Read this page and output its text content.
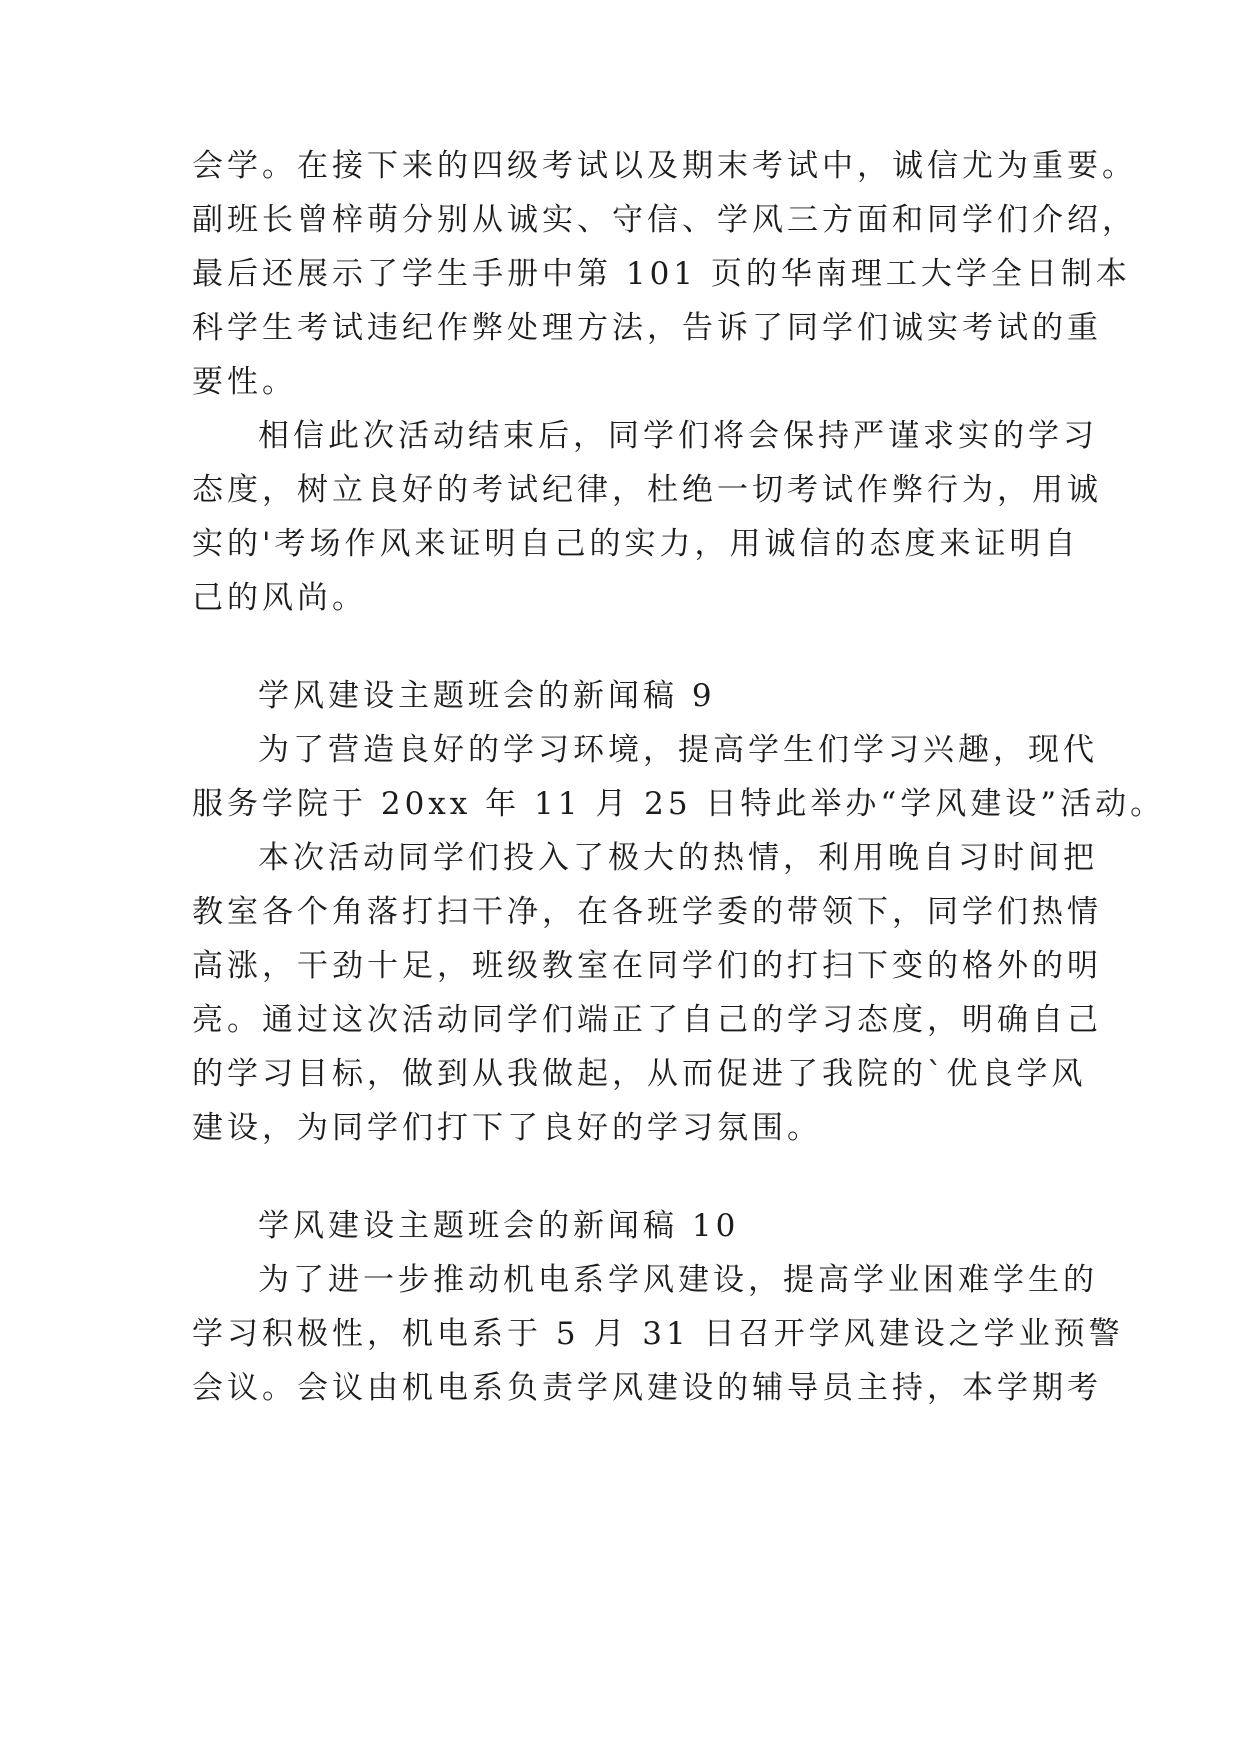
会学。在接下来的四级考试以及期末考试中，诚信尤为重要。
副班长曾梓萌分别从诚实、守信、学风三方面和同学们介绍，
最后还展示了学生手册中第 101 页的华南理工大学全日制本
科学生考试违纪作弊处理方法，告诉了同学们诚实考试的重
要性。
相信此次活动结束后，同学们将会保持严谨求实的学习
态度，树立良好的考试纪律，杜绝一切考试作弊行为，用诚
实的'考场作风来证明自己的实力，用诚信的态度来证明自
己的风尚。
学风建设主题班会的新闻稿 9
为了营造良好的学习环境，提高学生们学习兴趣，现代
服务学院于 20xx 年 11 月 25 日特此举办“学风建设”活动。
本次活动同学们投入了极大的热情，利用晚自习时间把
教室各个角落打扫干净，在各班学委的带领下，同学们热情
高涨，干劲十足，班级教室在同学们的打扫下变的格外的明
亮。通过这次活动同学们端正了自己的学习态度，明确自己
的学习目标，做到从我做起，从而促进了我院的`优良学风
建设，为同学们打下了良好的学习氛围。
学风建设主题班会的新闻稿 10
为了进一步推动机电系学风建设，提高学业困难学生的
学习积极性，机电系于 5 月 31 日召开学风建设之学业预警
会议。会议由机电系负责学风建设的辅导员主持，本学期考
